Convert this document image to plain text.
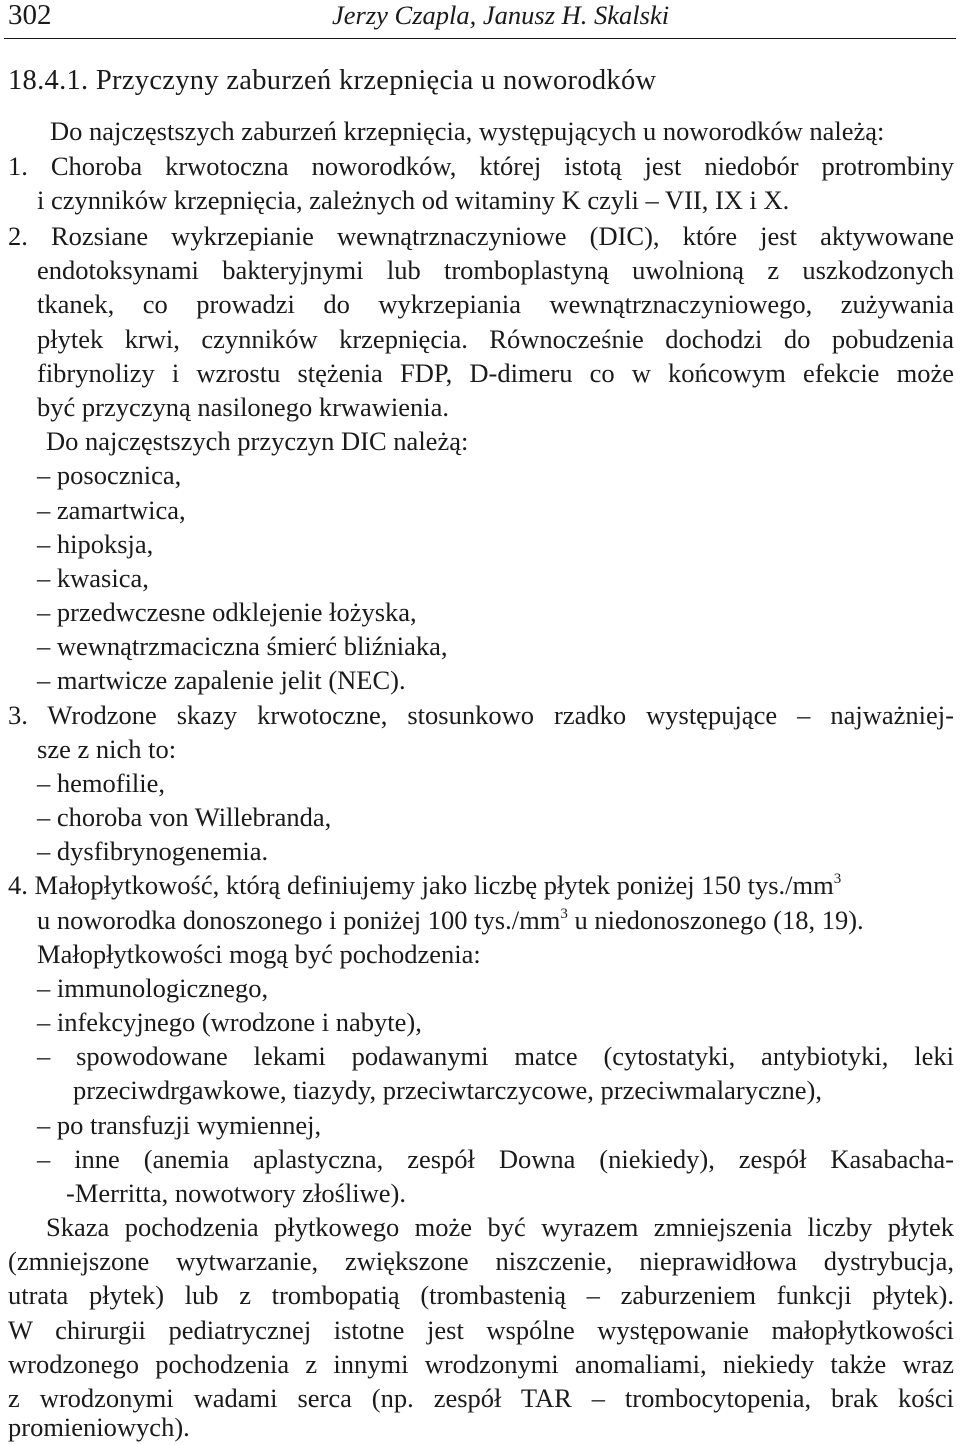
302	Jerzy Czapla, Janusz H. Skalski
18.4.1. Przyczyny zaburzeń krzepnięcia u noworodków
Do najczęstszych zaburzeń krzepnięcia, występujących u noworodków należą:
1. Choroba krwotoczna noworodków, której istotą jest niedobór protrombiny
i czynników krzepnięcia, zależnych od witaminy K czyli – VII, IX i X.
2. Rozsiane wykrzepianie wewnątrznaczyniowe (DIC), które jest aktywowane
endotoksynami bakteryjnymi lub tromboplastyną uwolnioną z uszkodzonych
tkanek, co prowadzi do wykrzepiania wewnątrznaczyniowego, zużywania
płytek krwi, czynników krzepnięcia. Równocześnie dochodzi do pobudzenia
fibrynolizy i wzrostu stężenia FDP, D-dimeru co w końcowym efekcie może
być przyczyną nasilonego krwawienia.
Do najczęstszych przyczyn DIC należą:
– posocznica,
– zamartwica,
– hipoksja,
– kwasica,
– przedwczesne odklejenie łożyska,
– wewnątrzmaciczna śmierć bliźniaka,
– martwicze zapalenie jelit (NEC).
3. Wrodzone skazy krwotoczne, stosunkowo rzadko występujące – najważniej-
sze z nich to:
– hemofilie,
– choroba von Willebranda,
– dysfibrynogenemia.
4. Małopłytkowość, którą definiujemy jako liczbę płytek poniżej 150 $tys./mm^3$
u noworodka donoszonego i poniżej 100 $tys./mm^3$ u niedonoszonego (18, 19).
Małopłytkowości mogą być pochodzenia:
– immunologicznego,
– infekcyjnego (wrodzone i nabyte),
– spowodowane lekami podawanymi matce (cytostatyki, antybiotyki, leki
przeciwdrgawkowe, tiazydy, przeciwtarczycowe, przeciwmalaryczne),
– po transfuzji wymiennej,
– inne (anemia aplastyczna, zespół Downa (niekiedy), zespół Kasabacha-
-Merritta, nowotwory złośliwe).
Skaza pochodzenia płytkowego może być wyrazem zmniejszenia liczby płytek
(zmniejszone wytwarzanie, zwiększone niszczenie, nieprawidłowa dystrybucja,
utrata płytek) lub z trombopatią (trombastenią – zaburzeniem funkcji płytek).
W chirurgii pediatrycznej istotne jest wspólne występowanie małopłytkowości
wrodzonego pochodzenia z innymi wrodzonymi anomaliami, niekiedy także wraz
z wrodzonymi wadami serca (np. zespół TAR – trombocytopenia, brak kości
promieniowych).
